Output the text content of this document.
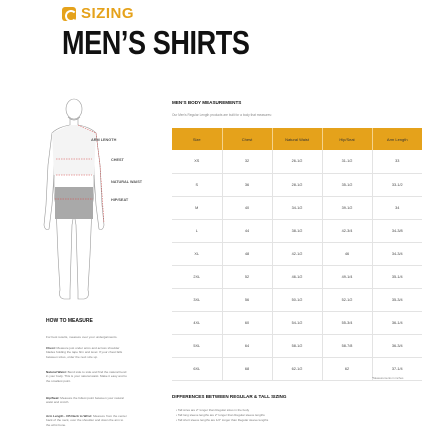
SIZING
MEN’S SHIRTS
ARM LENGTH
CHEST
NATURAL WAIST
HIP/SEAT
HOW TO MEASURE
For best results, measure over your undergarments.
Chest: Measure just under arms and across shoulder blades holding the tape firm and level. If your chest falls between sizes, order the next size up.
Natural Waist: Bend side to side and find the natural bend in your body. This is your natural waist. Make it easy and to the smallest point.
Hip/Seat: Measure the fullest point between your natural waist and crotch.
Arm Length - CB Neck to Wrist: Measure from the center back of the neck, over the shoulder and down the arm to the wrist bone.
MEN’S BODY MEASUREMENTS
Our Men’s Regular Length products are built for a body that measures:
Size	Chest	Natural Waist	Hip/Seat	Arm Length
XS	32	26-1/2	31-1/2	33
S	36	28-1/2	35-1/2	33-1/2
M	40	34-1/2	39-1/2	34
L	44	38-1/2	42-3/4	34-3/8
XL	48	42-1/2	46	34-3/4
2XL	52	46-1/2	49-1/4	35-1/4
3XL	56	50-1/2	52-1/2	35-3/4
4XL	60	54-1/2	55-3/4	36-1/4
5XL	64	58-1/2	58-7/8	36-3/4
6XL	68	62-1/2	62	37-1/4
*Measurements in inches
DIFFERENCES BETWEEN REGULAR & TALL SIZING
• Tall sizes are 2" longer than Regular sizes in the body
• Tall long sleeve lengths are 2" longer than Regular sleeve lengths
• Tall short sleeve lengths are 1/2" longer than Regular sleeve lengths
